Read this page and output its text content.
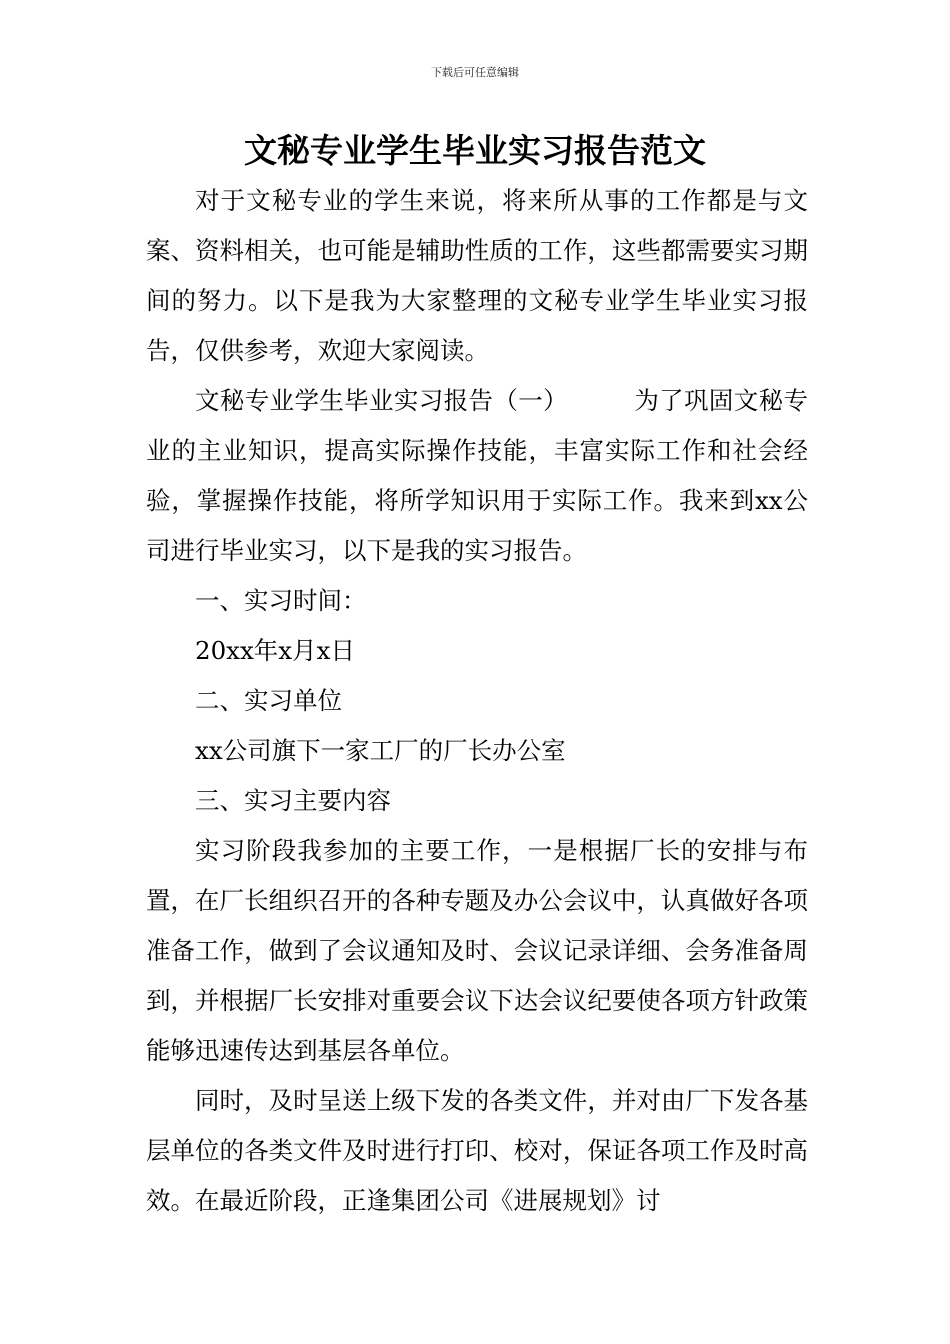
下载后可任意编辑
文秘专业学生毕业实习报告范文

对于文秘专业的学生来说，将来所从事的工作都是与文案、资料相关，也可能是辅助性质的工作，这些都需要实习期间的努力。以下是我为大家整理的文秘专业学生毕业实习报告，仅供参考，欢迎大家阅读。

文秘专业学生毕业实习报告（一）	为了巩固文秘专业的主业知识，提高实际操作技能，丰富实际工作和社会经验，掌握操作技能，将所学知识用于实际工作。我来到xx公司进行毕业实习，以下是我的实习报告。

一、实习时间：

20xx年x月x日

二、实习单位

xx公司旗下一家工厂的厂长办公室

三、实习主要内容

实习阶段我参加的主要工作，一是根据厂长的安排与布置，在厂长组织召开的各种专题及办公会议中，认真做好各项准备工作，做到了会议通知及时、会议记录详细、会务准备周到，并根据厂长安排对重要会议下达会议纪要使各项方针政策能够迅速传达到基层各单位。

同时，及时呈送上级下发的各类文件，并对由厂下发各基层单位的各类文件及时进行打印、校对，保证各项工作及时高效。在最近阶段，正逢集团公司《进展规划》讨
